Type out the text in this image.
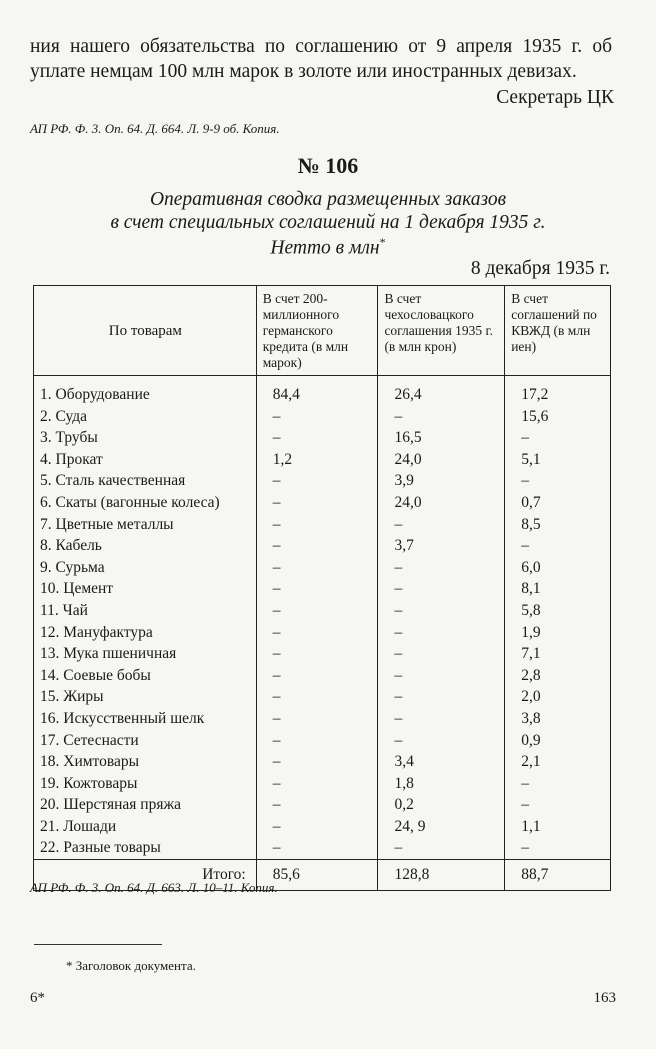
ния нашего обязательства по соглашению от 9 апреля 1935 г. об уплате немцам 100 млн марок в золоте или иностранных девизах.
Секретарь ЦК
АП РФ. Ф. 3. Оп. 64. Д. 664. Л. 9-9 об. Копия.
№ 106
Оперативная сводка размещенных заказов
в счет специальных соглашений на 1 декабря 1935 г.
Нетто в млн*
8 декабря 1935 г.
По товарам	В счет 200-миллионного германского кредита (в млн марок)	В счет чехословацкого соглашения 1935 г. (в млн крон)	В счет соглашений по КВЖД (в млн иен)
1. Оборудование	84,4	26,4	17,2
2. Суда	–	–	15,6
3. Трубы	–	16,5	–
4. Прокат	1,2	24,0	5,1
5. Сталь качественная	–	3,9	–
6. Скаты (вагонные колеса)	–	24,0	0,7
7. Цветные металлы	–	–	8,5
8. Кабель	–	3,7	–
9. Сурьма	–	–	6,0
10. Цемент	–	–	8,1
11. Чай	–	–	5,8
12. Мануфактура	–	–	1,9
13. Мука пшеничная	–	–	7,1
14. Соевые бобы	–	–	2,8
15. Жиры	–	–	2,0
16. Искусственный шелк	–	–	3,8
17. Сетеснасти	–	–	0,9
18. Химтовары	–	3,4	2,1
19. Кожтовары	–	1,8	–
20. Шерстяная пряжа	–	0,2	–
21. Лошади	–	24, 9	1,1
22. Разные товары	–	–	–
Итого:	85,6	128,8	88,7
АП РФ. Ф. 3. Оп. 64. Д. 663. Л. 10–11. Копия.
* Заголовок документа.
6*	163
